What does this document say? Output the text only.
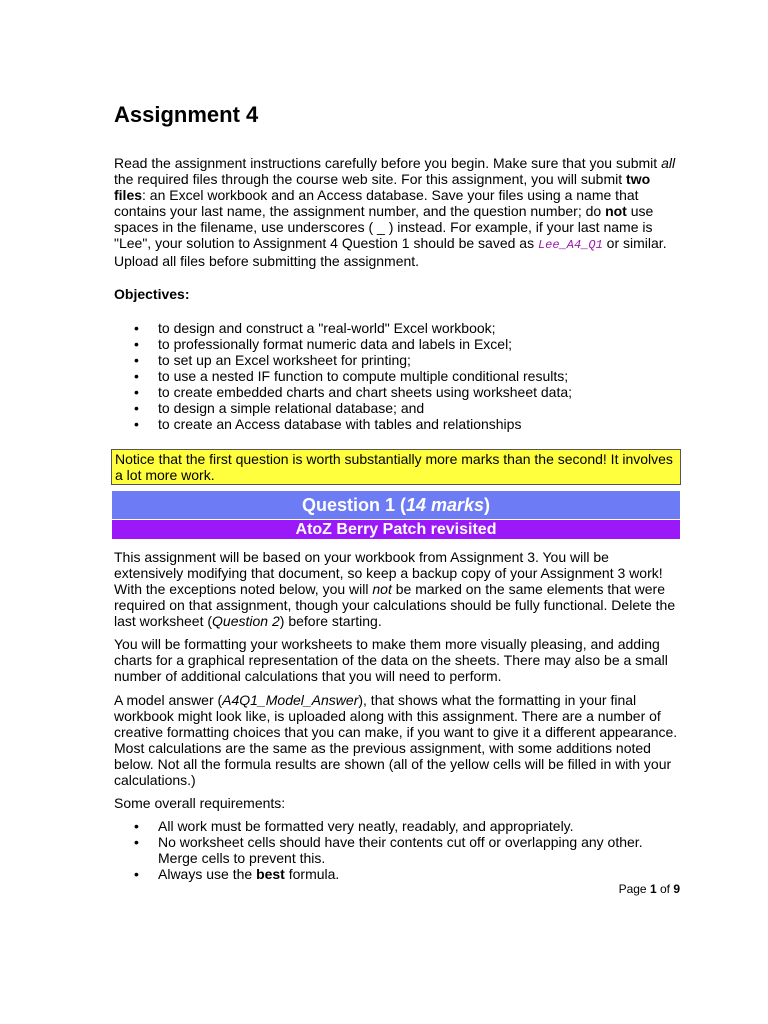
Assignment 4

Read the assignment instructions carefully before you begin. Make sure that you submit all the required files through the course web site. For this assignment, you will submit two files: an Excel workbook and an Access database. Save your files using a name that contains your last name, the assignment number, and the question number; do not use spaces in the filename, use underscores ( _ ) instead. For example, if your last name is "Lee", your solution to Assignment 4 Question 1 should be saved as Lee_A4_Q1 or similar. Upload all files before submitting the assignment.

Objectives:

• to design and construct a "real-world" Excel workbook;
• to professionally format numeric data and labels in Excel;
• to set up an Excel worksheet for printing;
• to use a nested IF function to compute multiple conditional results;
• to create embedded charts and chart sheets using worksheet data;
• to design a simple relational database; and
• to create an Access database with tables and relationships
Notice that the first question is worth substantially more marks than the second! It involves a lot more work.
Question 1 (14 marks)
AtoZ Berry Patch revisited

This assignment will be based on your workbook from Assignment 3. You will be extensively modifying that document, so keep a backup copy of your Assignment 3 work! With the exceptions noted below, you will not be marked on the same elements that were required on that assignment, though your calculations should be fully functional. Delete the last worksheet (Question 2) before starting.

You will be formatting your worksheets to make them more visually pleasing, and adding charts for a graphical representation of the data on the sheets. There may also be a small number of additional calculations that you will need to perform.

A model answer (A4Q1_Model_Answer), that shows what the formatting in your final workbook might look like, is uploaded along with this assignment. There are a number of creative formatting choices that you can make, if you want to give it a different appearance. Most calculations are the same as the previous assignment, with some additions noted below. Not all the formula results are shown (all of the yellow cells will be filled in with your calculations.)

Some overall requirements:

• All work must be formatted very neatly, readably, and appropriately.
• No worksheet cells should have their contents cut off or overlapping any other. Merge cells to prevent this.
• Always use the best formula.
Page 1 of 9
